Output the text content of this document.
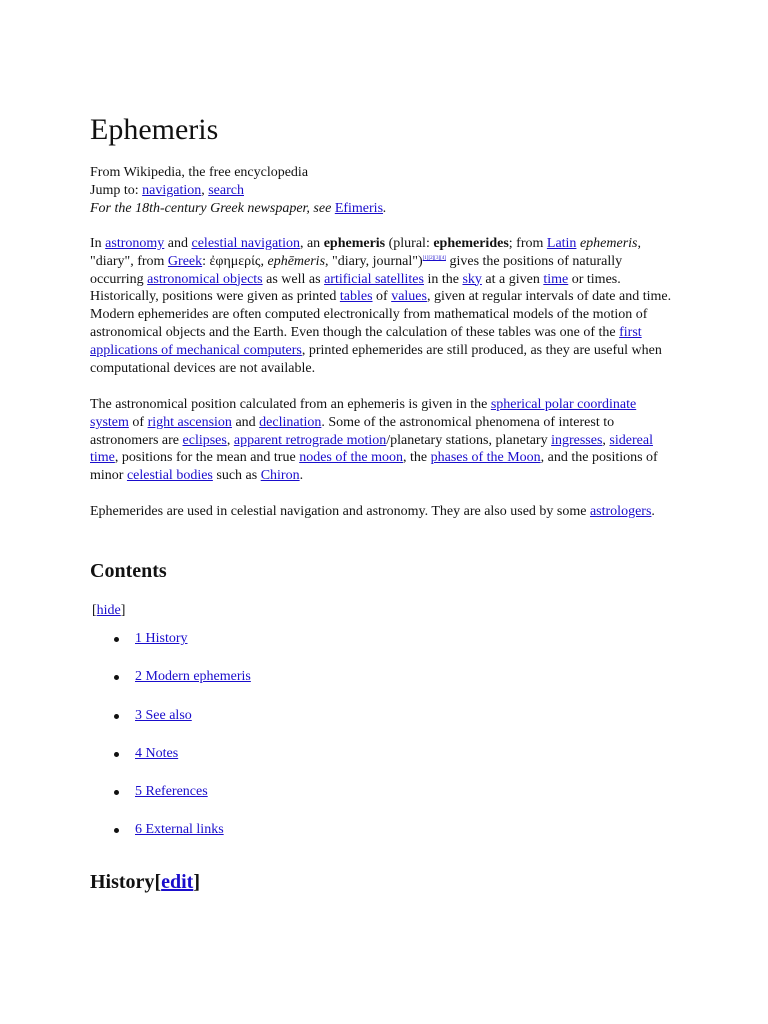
Ephemeris
From Wikipedia, the free encyclopedia
Jump to: navigation, search
For the 18th-century Greek newspaper, see Efimeris.

In astronomy and celestial navigation, an ephemeris (plural: ephemerides; from Latin ephemeris, "diary", from Greek: ἐφημερίς, ephēmeris, "diary, journal")[1][2][3][4] gives the positions of naturally occurring astronomical objects as well as artificial satellites in the sky at a given time or times. Historically, positions were given as printed tables of values, given at regular intervals of date and time. Modern ephemerides are often computed electronically from mathematical models of the motion of astronomical objects and the Earth. Even though the calculation of these tables was one of the first applications of mechanical computers, printed ephemerides are still produced, as they are useful when computational devices are not available.

The astronomical position calculated from an ephemeris is given in the spherical polar coordinate system of right ascension and declination. Some of the astronomical phenomena of interest to astronomers are eclipses, apparent retrograde motion/planetary stations, planetary ingresses, sidereal time, positions for the mean and true nodes of the moon, the phases of the Moon, and the positions of minor celestial bodies such as Chiron.

Ephemerides are used in celestial navigation and astronomy. They are also used by some astrologers.

Contents
[hide]
1 History
2 Modern ephemeris
3 See also
4 Notes
5 References
6 External links
History[edit]
